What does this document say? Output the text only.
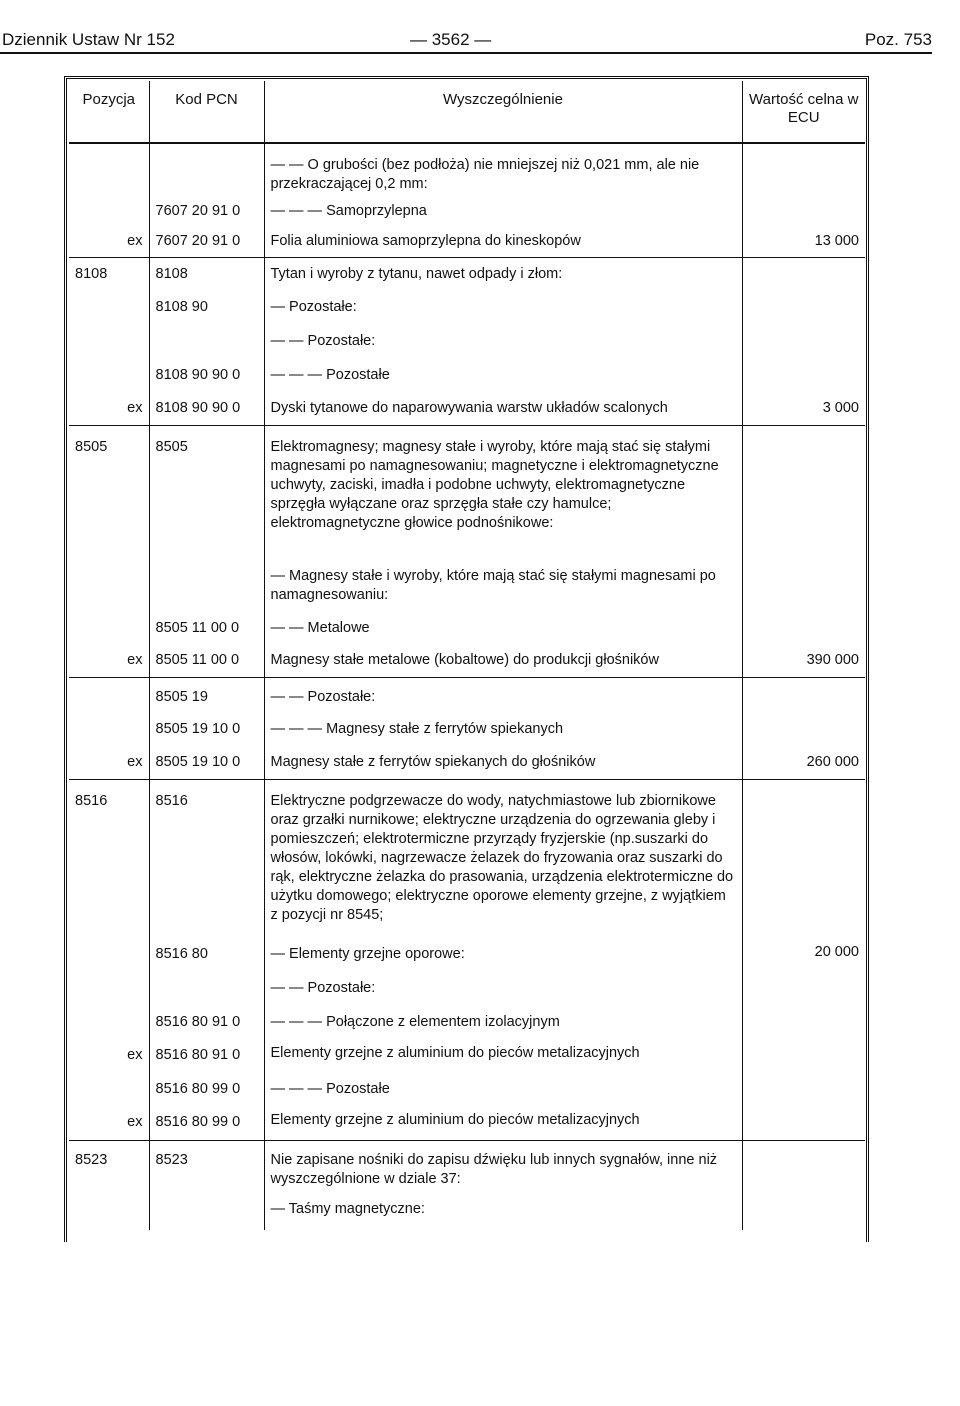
Dziennik Ustaw Nr 152	— 3562 —	Poz. 753
Pozycja	Kod PCN	Wyszczególnienie	Wartość celna w ECU
		— — O grubości (bez podłoża) nie mniejszej niż 0,021 mm, ale nie przekraczającej 0,2 mm:	
	7607 20 91 0	— — — Samoprzylepna	
ex	7607 20 91 0	Folia aluminiowa samoprzylepna do kineskopów	13 000
8108	8108	Tytan i wyroby z tytanu, nawet odpady i złom:	
	8108 90	— Pozostałe:	
		— — Pozostałe:	
	8108 90 90 0	— — — Pozostałe	
ex	8108 90 90 0	Dyski tytanowe do naparowywania warstw układów scalonych	3 000
8505	8505	Elektromagnesy; magnesy stałe i wyroby, które mają stać się stałymi magnesami po namagnesowaniu; magnetyczne i elektromagnetyczne uchwyty, zaciski, imadła i podobne uchwyty, elektromagnetyczne sprzęgła wyłączane oraz sprzęgła stałe czy hamulce; elektromagnetyczne głowice podnośnikowe:	
		— Magnesy stałe i wyroby, które mają stać się stałymi magnesami po namagnesowaniu:	
	8505 11 00 0	— — Metalowe	
ex	8505 11 00 0	Magnesy stałe metalowe (kobaltowe) do produkcji głośników	390 000
	8505 19	— — Pozostałe:	
	8505 19 10 0	— — — Magnesy stałe z ferrytów spiekanych	
ex	8505 19 10 0	Magnesy stałe z ferrytów spiekanych do głośników	260 000
8516	8516	Elektryczne podgrzewacze do wody, natychmiastowe lub zbiornikowe oraz grzałki nurnikowe; elektryczne urządzenia do ogrzewania gleby i pomieszczeń; elektrotermiczne przyrządy fryzjerskie (np.suszarki do włosów, lokówki, nagrzewacze żelazek do fryzowania oraz suszarki do rąk, elektryczne żelazka do prasowania, urządzenia elektrotermiczne do użytku domowego; elektryczne oporowe elementy grzejne, z wyjątkiem z pozycji nr 8545;	
	8516 80	— Elementy grzejne oporowe:	20 000
		— — Pozostałe:	
	8516 80 91 0	— — — Połączone z elementem izolacyjnym	
ex	8516 80 91 0	Elementy grzejne z aluminium do pieców metalizacyjnych	
	8516 80 99 0	— — — Pozostałe	
ex	8516 80 99 0	Elementy grzejne z aluminium do pieców metalizacyjnych	
8523	8523	Nie zapisane nośniki do zapisu dźwięku lub innych sygnałów, inne niż wyszczególnione w dziale 37:	
		— Taśmy magnetyczne:	
